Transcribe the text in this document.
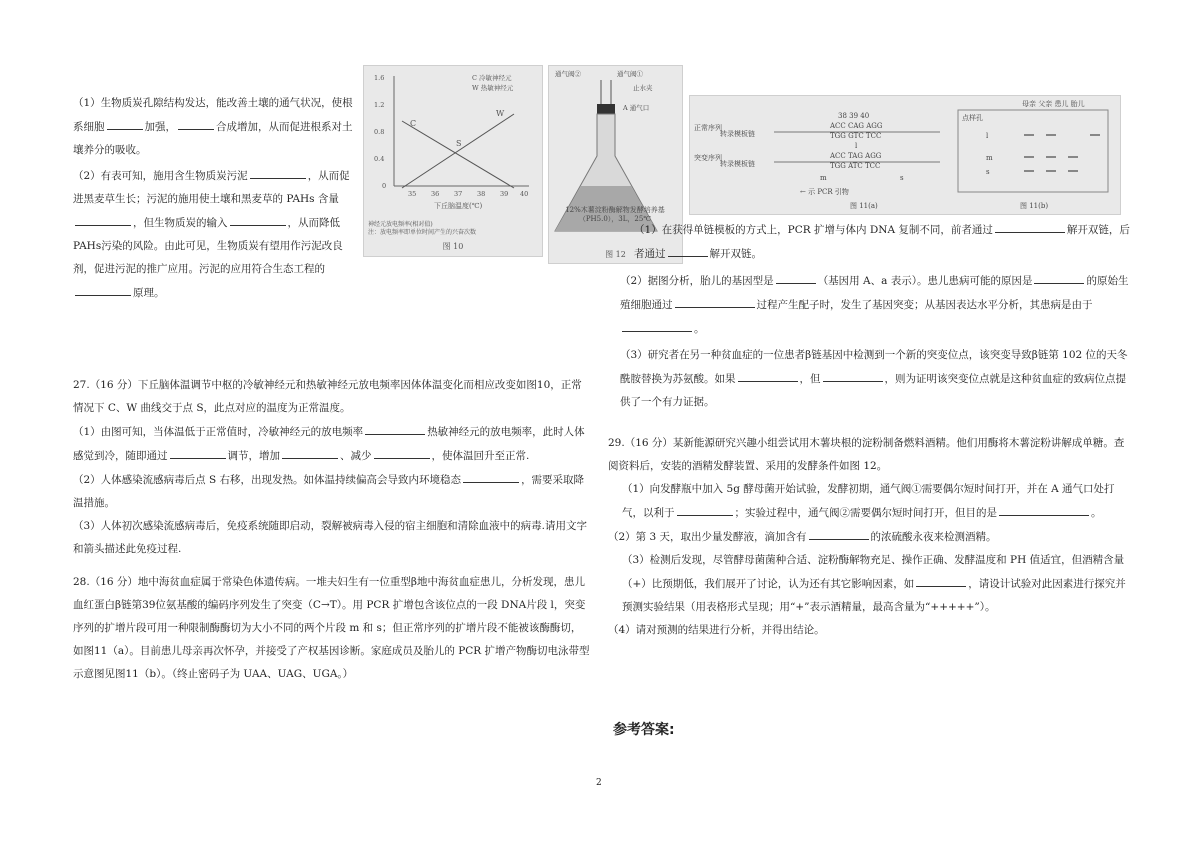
（1）生物质炭孔隙结构发达，能改善土壤的通气状况，使根系细胞	加强，	合成增加，从而促进根系对土壤养分的吸收。

（2）有表可知，施用含生物质炭污泥	，从而促进黑麦草生长；污泥的施用使土壤和黑麦草的 PAHs 含量，但生物质炭的输入	，从而降低PAHs污染的风险。由此可见，生物质炭有望用作污泥改良剂，促进污泥的推广应用。污泥的应用符合生态工程的原理。

C
W
S
C 冷敏神经元
W 热敏神经元
1.6
1.2
0.8
0.4
0
35 36 37 38 39 40
下丘脑温度(℃)
神经元放电频率(相对值)
注：放电频率即单位时间产生的兴奋次数
图 10
通气阀②	通气阀①
止水夹
A 通气口
12%木薯淀粉酶解物发酵培养基（PH5.0），3L，25℃
图 12
38 39 40
正常序列
转录模板链
ACC CAG AGG
TGG GTC TCC
突变序列
转录模板链
ACC TAG AGG
TGG ATC TCC
l
m	s
← 示 PCR 引物
图 11(a)
母亲 父亲 患儿 胎儿
点样孔
l
m
s
图 11(b)

27.（16 分）下丘脑体温调节中枢的冷敏神经元和热敏神经元放电频率因体体温变化而相应改变如图10，正常情况下 C、W 曲线交于点 S，此点对应的温度为正常温度。

（1）由图可知，当体温低于正常值时，冷敏神经元的放电频率	热敏神经元的放电频率，此时人体感觉到冷，随即通过	调节，增加	、减少	，使体温回升至正常.

（2）人体感染流感病毒后点 S 右移，出现发热。如体温持续偏高会导致内环境稳态	，需要采取降温措施。

（3）人体初次感染流感病毒后，免疫系统随即启动，裂解被病毒入侵的宿主细胞和清除血液中的病毒.请用文字和箭头描述此免疫过程.

28.（16 分）地中海贫血症属于常染色体遗传病。一堆夫妇生有一位重型β地中海贫血症患儿，分析发现，患儿血红蛋白β链第39位氨基酸的编码序列发生了突变（C→T）。用 PCR 扩增包含该位点的一段 DNA片段 l，突变序列的扩增片段可用一种限制酶酶切为大小不同的两个片段 m 和 s；但正常序列的扩增片段不能被该酶酶切，如图11（a）。目前患儿母亲再次怀孕，并接受了产权基因诊断。家庭成员及胎儿的 PCR 扩增产物酶切电泳带型示意图见图11（b）。（终止密码子为 UAA、UAG、UGA。）

（1）在获得单链模板的方式上，PCR 扩增与体内 DNA 复制不同，前者通过	解开双链，后者通过	解开双链。

（2）据图分析，胎儿的基因型是	（基因用 A、a 表示）。患儿患病可能的原因是	的原始生殖细胞通过	过程产生配子时，发生了基因突变；从基因表达水平分析，其患病是由于。

（3）研究者在另一种贫血症的一位患者β链基因中检测到一个新的突变位点，该突变导致β链第 102 位的天冬酰胺替换为苏氨酸。如果	，但	，则为证明该突变位点就是这种贫血症的致病位点提供了一个有力证据。

29.（16 分）某新能源研究兴趣小组尝试用木薯块根的淀粉制备燃料酒精。他们用酶将木薯淀粉讲解成单糖。查阅资料后，安装的酒精发酵装置、采用的发酵条件如图 12。

（1）向发酵瓶中加入 5g 酵母菌开始试验，发酵初期，通气阀①需要偶尔短时间打开，并在 A 通气口处打气，以利于	；实验过程中，通气阀②需要偶尔短时间打开，但目的是	。

（2）第 3 天，取出少量发酵液，滴加含有	的浓硫酸永夜来检测酒精。

（3）检测后发现，尽管酵母菌菌种合适、淀粉酶解物充足、操作正确、发酵温度和 PH 值适宜，但酒精含量（+）比预期低，我们展开了讨论，认为还有其它影响因素，如	，请设计试验对此因素进行探究并预测实验结果（用表格形式呈现；用“+”表示酒精量，最高含量为“+++++”）。

（4）请对预测的结果进行分析，并得出结论。

参考答案:
2
